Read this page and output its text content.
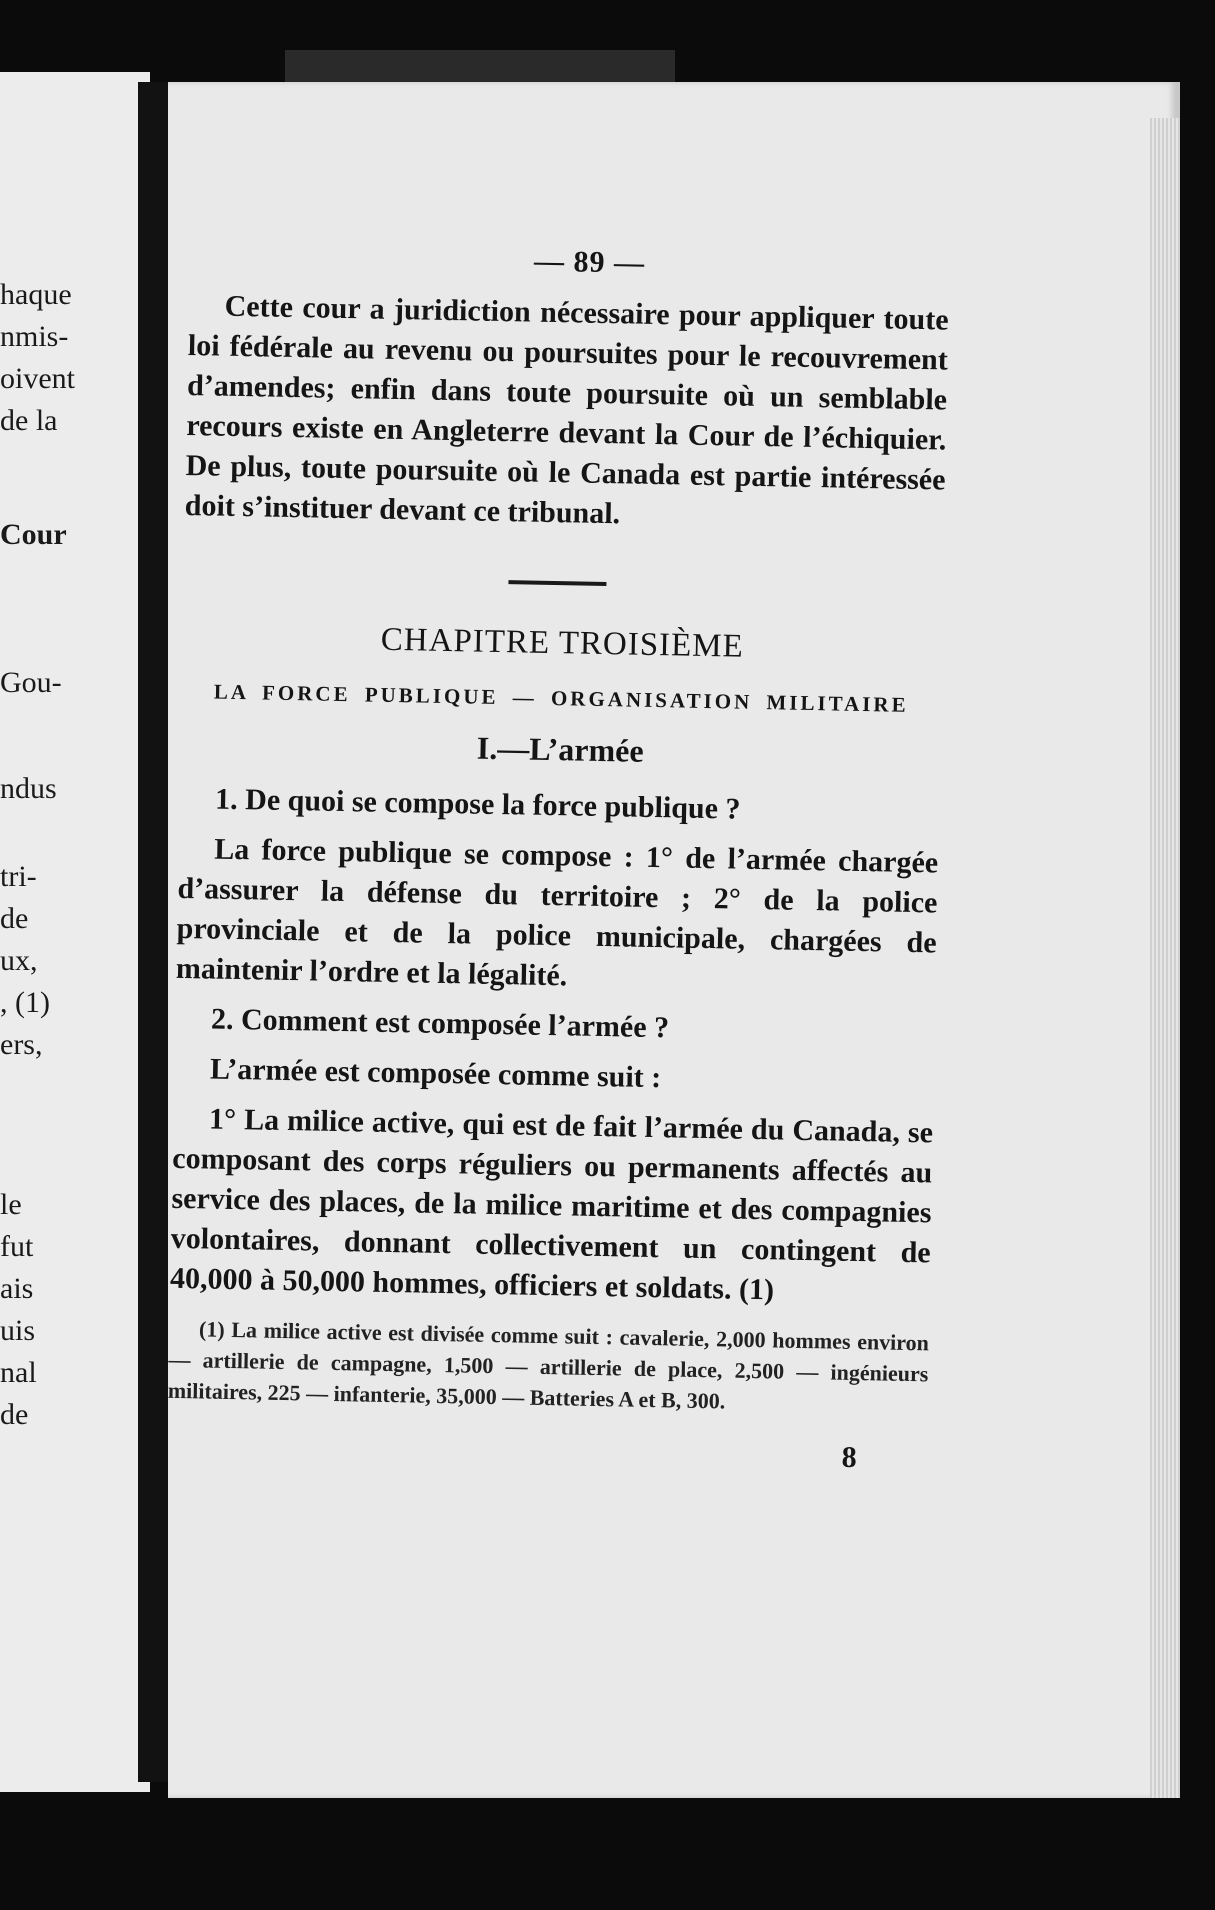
haque
nmis-
oivent
de la
Cour
Gou-
ndus
tri-
de
ux,
, (1)
ers,
le
fut
ais
uis
nal
de
— 89 —

Cette cour a juridiction nécessaire pour appliquer toute loi fédérale au revenu ou poursuites pour le recouvrement d’amendes; enfin dans toute poursuite où un semblable recours existe en Angleterre devant la Cour de l’échiquier. De plus, toute poursuite où le Canada est partie intéressée doit s’instituer devant ce tribunal.

CHAPITRE TROISIÈME
LA FORCE PUBLIQUE — ORGANISATION MILITAIRE
I.—L’armée

1. De quoi se compose la force publique ?

La force publique se compose : 1° de l’armée chargée d’assurer la défense du territoire ; 2° de la police provinciale et de la police municipale, chargées de maintenir l’ordre et la légalité.

2. Comment est composée l’armée ?

L’armée est composée comme suit :

1° La milice active, qui est de fait l’armée du Canada, se composant des corps réguliers ou permanents affectés au service des places, de la milice maritime et des compagnies volontaires, donnant collectivement un contingent de 40,000 à 50,000 hommes, officiers et soldats. (1)

(1) La milice active est divisée comme suit : cavalerie, 2,000 hommes environ — artillerie de campagne, 1,500 — artillerie de place, 2,500 — ingénieurs militaires, 225 — infanterie, 35,000 — Batteries A et B, 300.

8
